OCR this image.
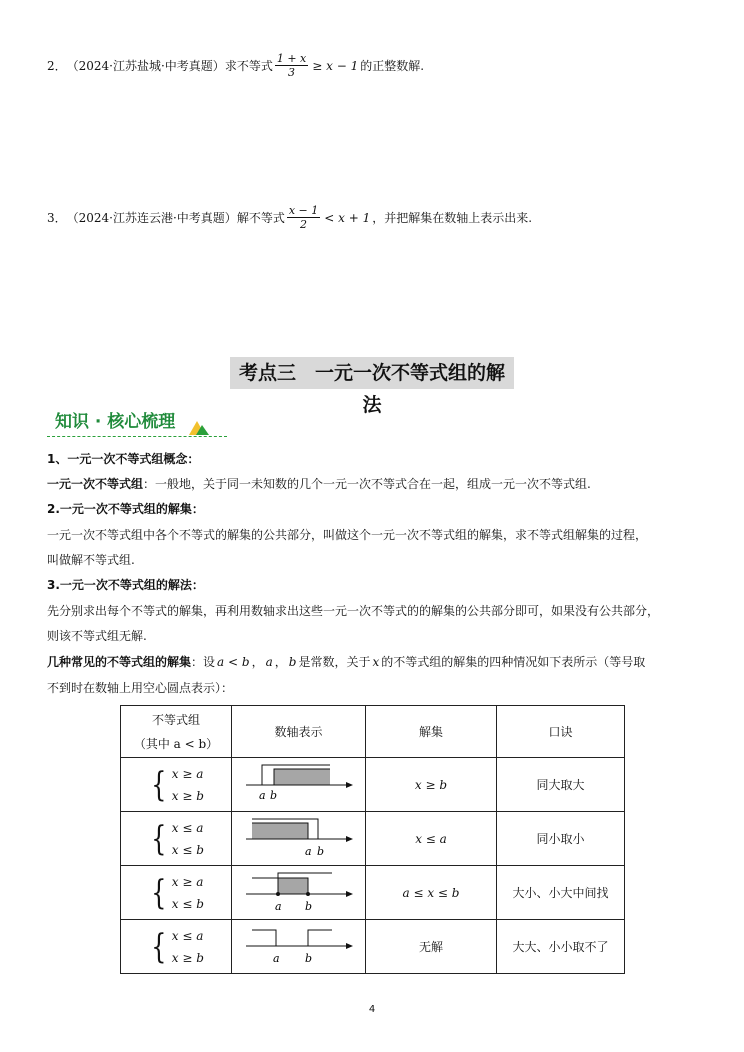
2． （2024·江苏盐城·中考真题） 求不等式 $\frac{1 + x}{3} \ge x - 1$ 的正整数解.
3． （2024·江苏连云港·中考真题） 解不等式 $\frac{x - 1}{2} < x + 1$ ，并把解集在数轴上表示出来.
考点三　一元一次不等式组的解法
知识 · 核心梳理
1、一元一次不等式组概念：
一元一次不等式组：一般地，关于同一未知数的几个一元一次不等式合在一起，组成一元一次不等式组.
2.一元一次不等式组的解集：
一元一次不等式组中各个不等式的解集的公共部分，叫做这个一元一次不等式组的解集，求不等式组解集的过程，
叫做解不等式组.
3.一元一次不等式组的解法：
先分别求出每个不等式的解集，再利用数轴求出这些一元一次不等式的的解集的公共部分即可，如果没有公共部分，
则该不等式组无解.
几种常见的不等式组的解集：设 a < b ， a ， b 是常数，关于 x 的不等式组的解集的四种情况如下表所示（等号取
不到时在数轴上用空心圆点表示）：
不等式组
（其中 a < b）	数轴表示	解集	口诀

{ x ≥ a
x ≥ b	a b	x ≥ b	同大取大

{ x ≤ a
x ≤ b	a b	x ≤ a	同小取小

{ x ≥ a
x ≤ b	a b	a ≤ x ≤ b	大小、小大中间找

{ x ≤ a
x ≥ b	a b	无解	大大、小小取不了
4
